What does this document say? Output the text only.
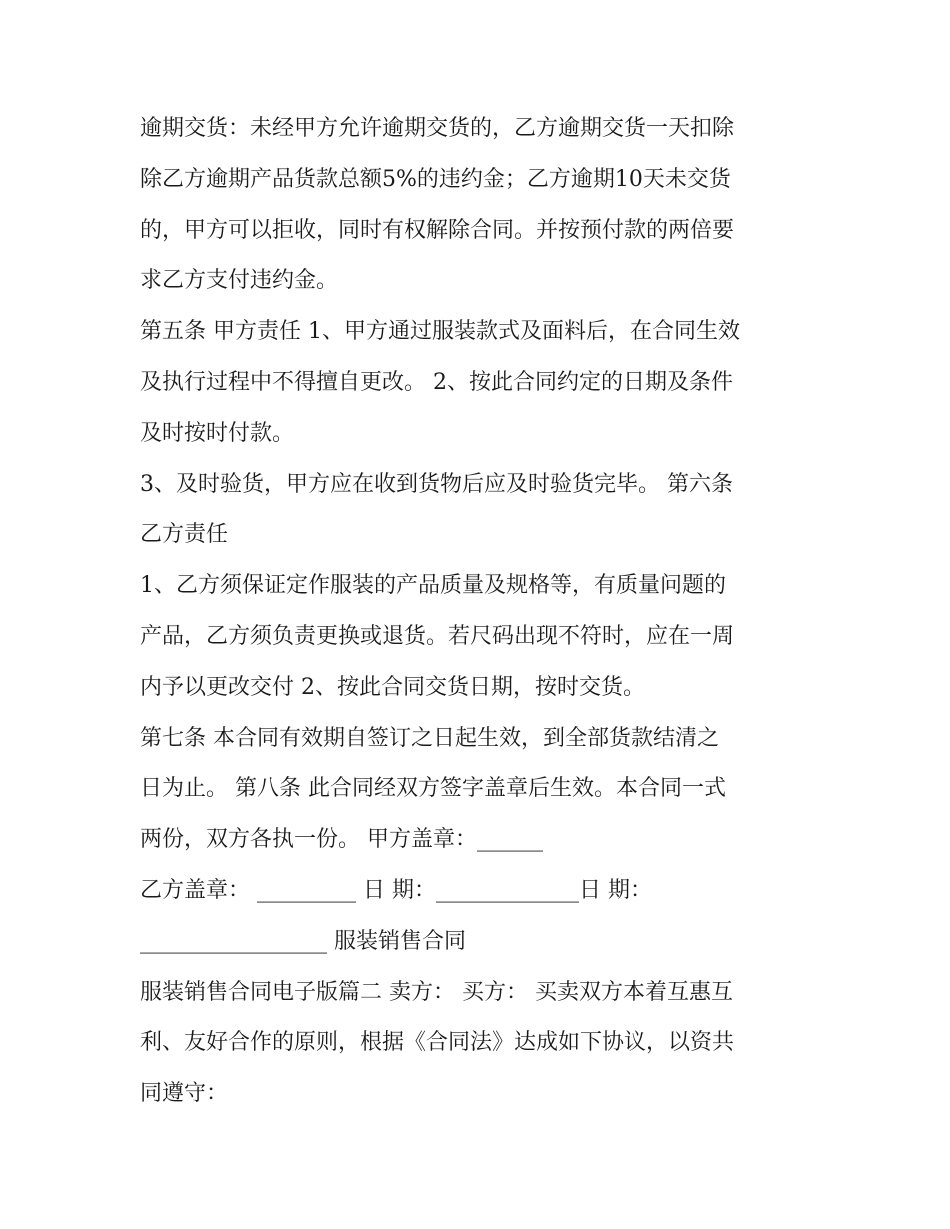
逾期交货：未经甲方允许逾期交货的，乙方逾期交货一天扣除
除乙方逾期产品货款总额5%的违约金；乙方逾期10天未交货
的，甲方可以拒收，同时有权解除合同。并按预付款的两倍要
求乙方支付违约金。
第五条 甲方责任 1、甲方通过服装款式及面料后，在合同生效
及执行过程中不得擅自更改。 2、按此合同约定的日期及条件
及时按时付款。
3、及时验货，甲方应在收到货物后应及时验货完毕。 第六条
乙方责任
1、乙方须保证定作服装的产品质量及规格等，有质量问题的
产品，乙方须负责更换或退货。若尺码出现不符时，应在一周
内予以更改交付 2、按此合同交货日期，按时交货。
第七条 本合同有效期自签订之日起生效，到全部货款结清之
日为止。 第八条 此合同经双方签字盖章后生效。本合同一式
两份，双方各执一份。 甲方盖章：______
乙方盖章： _________ 日 期：_____________日 期：
_________________ 服装销售合同
服装销售合同电子版篇二 卖方： 买方： 买卖双方本着互惠互
利、友好合作的原则，根据《合同法》达成如下协议，以资共
同遵守：
